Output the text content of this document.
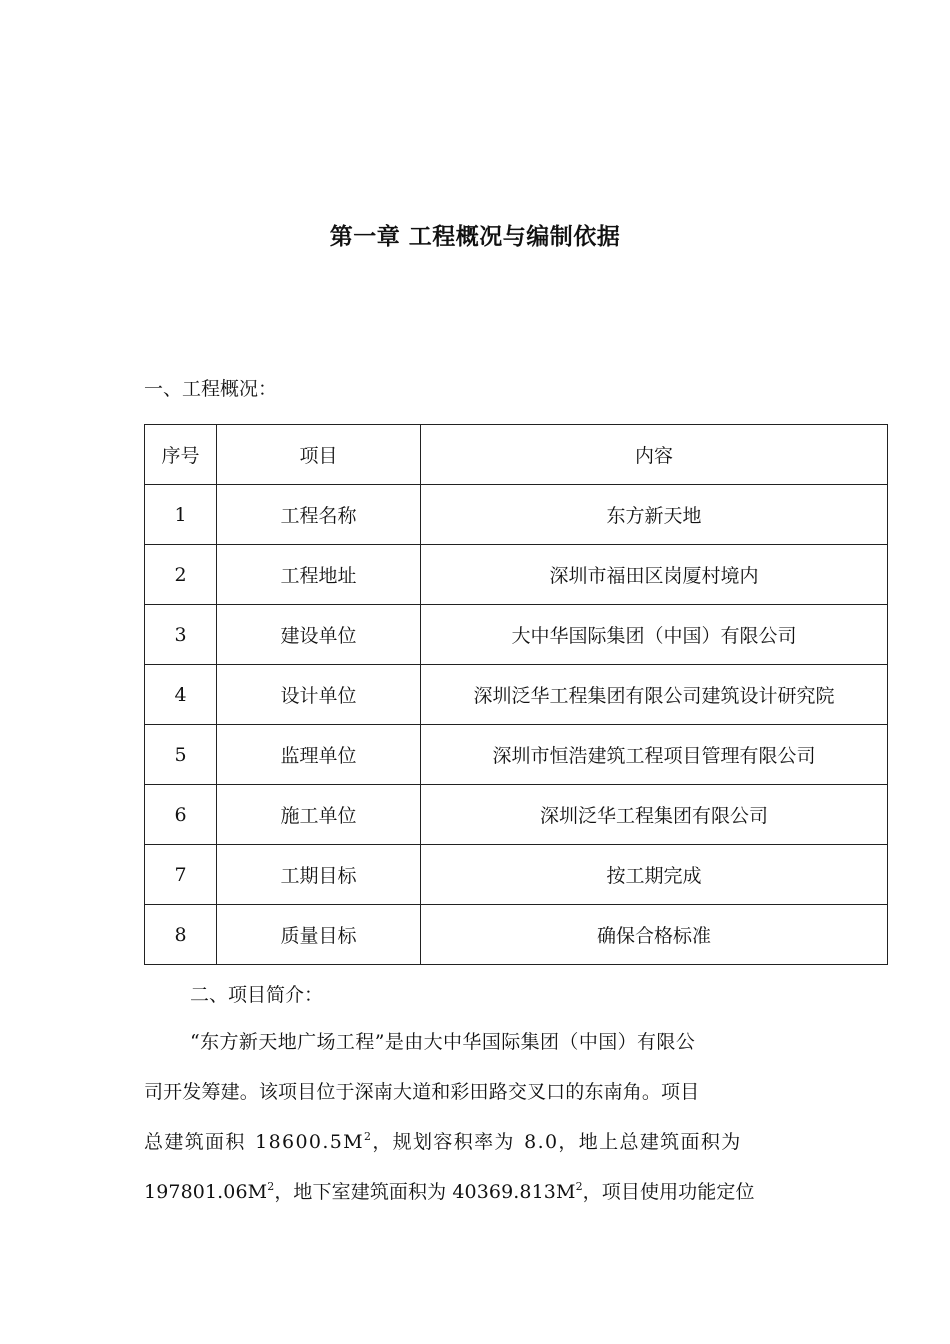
第一章 工程概况与编制依据
一、工程概况：
序号	项目	内容
1	工程名称	东方新天地
2	工程地址	深圳市福田区岗厦村境内
3	建设单位	大中华国际集团（中国）有限公司
4	设计单位	深圳泛华工程集团有限公司建筑设计研究院
5	监理单位	深圳市恒浩建筑工程项目管理有限公司
6	施工单位	深圳泛华工程集团有限公司
7	工期目标	按工期完成
8	质量目标	确保合格标准
二、项目简介：
“东方新天地广场工程”是由大中华国际集团（中国）有限公
司开发筹建。该项目位于深南大道和彩田路交叉口的东南角。项目
总建筑面积 $18600.5M^2$，规划容积率为 8.0，地上总建筑面积为
$197801.06M^2$，地下室建筑面积为 $40369.813M^2$，项目使用功能定位
